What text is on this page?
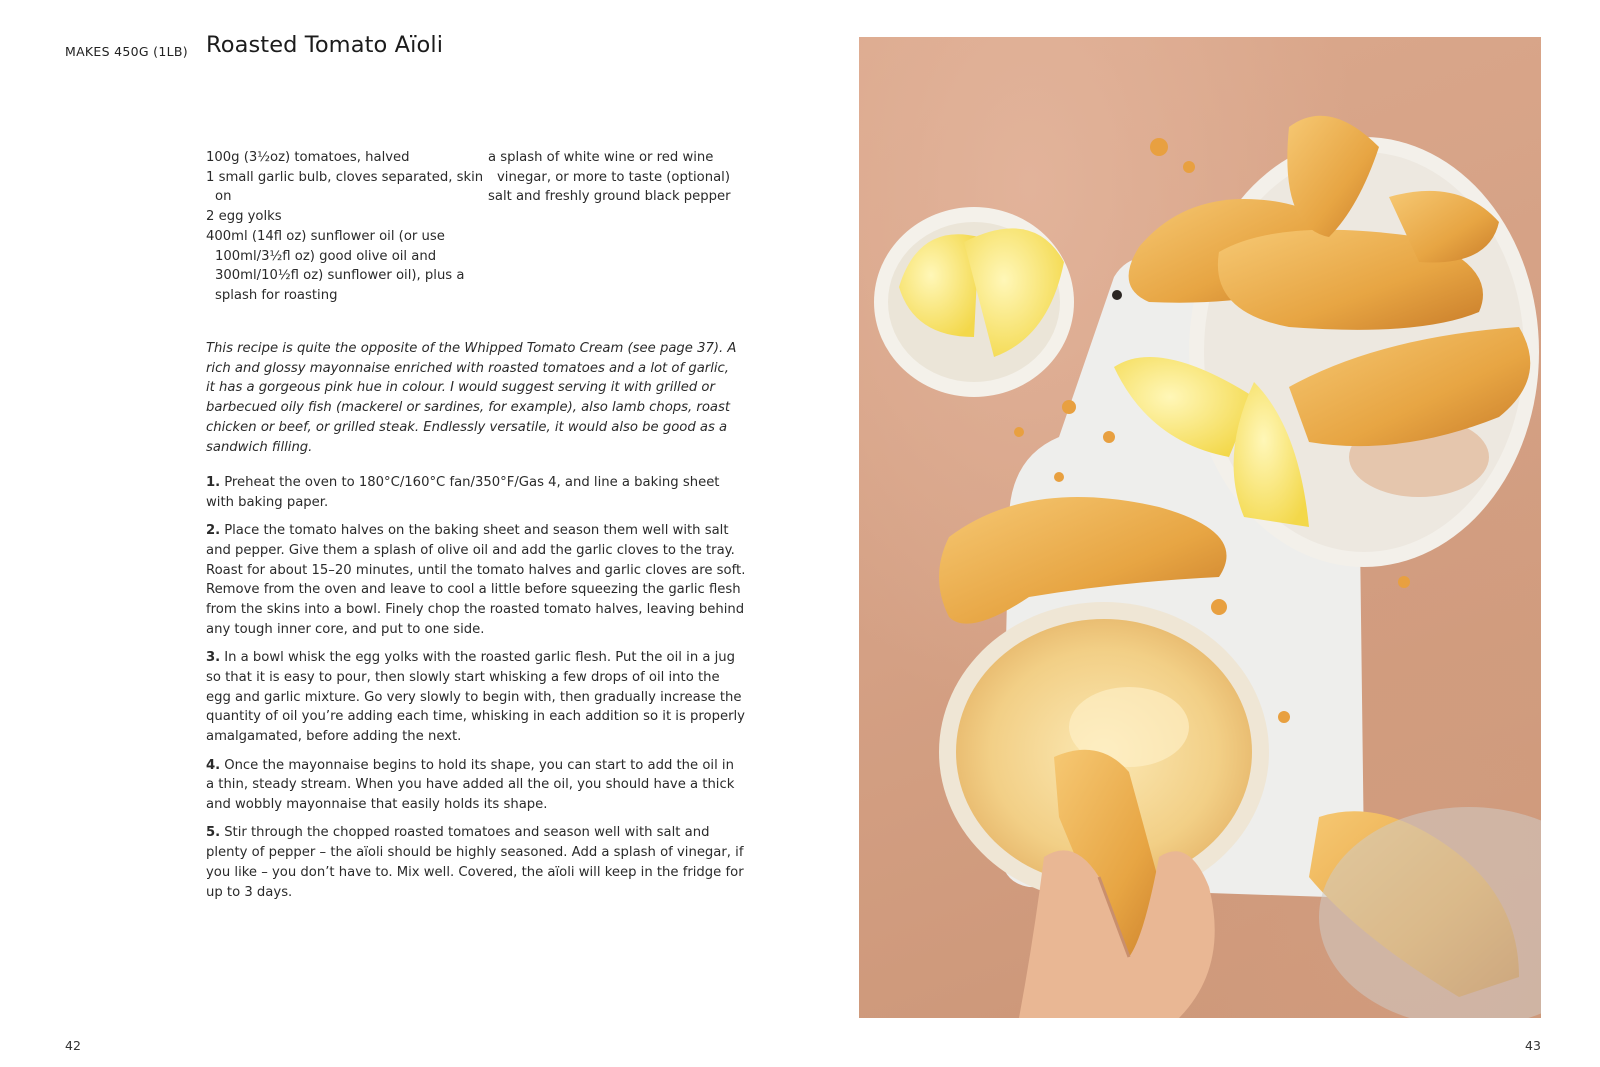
MAKES 450G (1LB) Roasted Tomato Aïoli
100g (3½oz) tomatoes, halved
1 small garlic bulb, cloves separated, skin on
2 egg yolks
400ml (14fl oz) sunflower oil (or use 100ml/3½fl oz) good olive oil and 300ml/10½fl oz) sunflower oil), plus a splash for roasting
a splash of white wine or red wine vinegar, or more to taste (optional)
salt and freshly ground black pepper

This recipe is quite the opposite of the Whipped Tomato Cream (see page 37). A rich and glossy mayonnaise enriched with roasted tomatoes and a lot of garlic, it has a gorgeous pink hue in colour. I would suggest serving it with grilled or barbecued oily fish (mackerel or sardines, for example), also lamb chops, roast chicken or beef, or grilled steak. Endlessly versatile, it would also be good as a sandwich filling.

1. Preheat the oven to 180°C/160°C fan/350°F/Gas 4, and line a baking sheet with baking paper.
2. Place the tomato halves on the baking sheet and season them well with salt and pepper. Give them a splash of olive oil and add the garlic cloves to the tray. Roast for about 15–20 minutes, until the tomato halves and garlic cloves are soft. Remove from the oven and leave to cool a little before squeezing the garlic flesh from the skins into a bowl. Finely chop the roasted tomato halves, leaving behind any tough inner core, and put to one side.
3. In a bowl whisk the egg yolks with the roasted garlic flesh. Put the oil in a jug so that it is easy to pour, then slowly start whisking a few drops of oil into the egg and garlic mixture. Go very slowly to begin with, then gradually increase the quantity of oil you’re adding each time, whisking in each addition so it is properly amalgamated, before adding the next.
4. Once the mayonnaise begins to hold its shape, you can start to add the oil in a thin, steady stream. When you have added all the oil, you should have a thick and wobbly mayonnaise that easily holds its shape.
5. Stir through the chopped roasted tomatoes and season well with salt and plenty of pepper – the aïoli should be highly seasoned. Add a splash of vinegar, if you like – you don’t have to. Mix well. Covered, the aïoli will keep in the fridge for up to 3 days.
42	43
